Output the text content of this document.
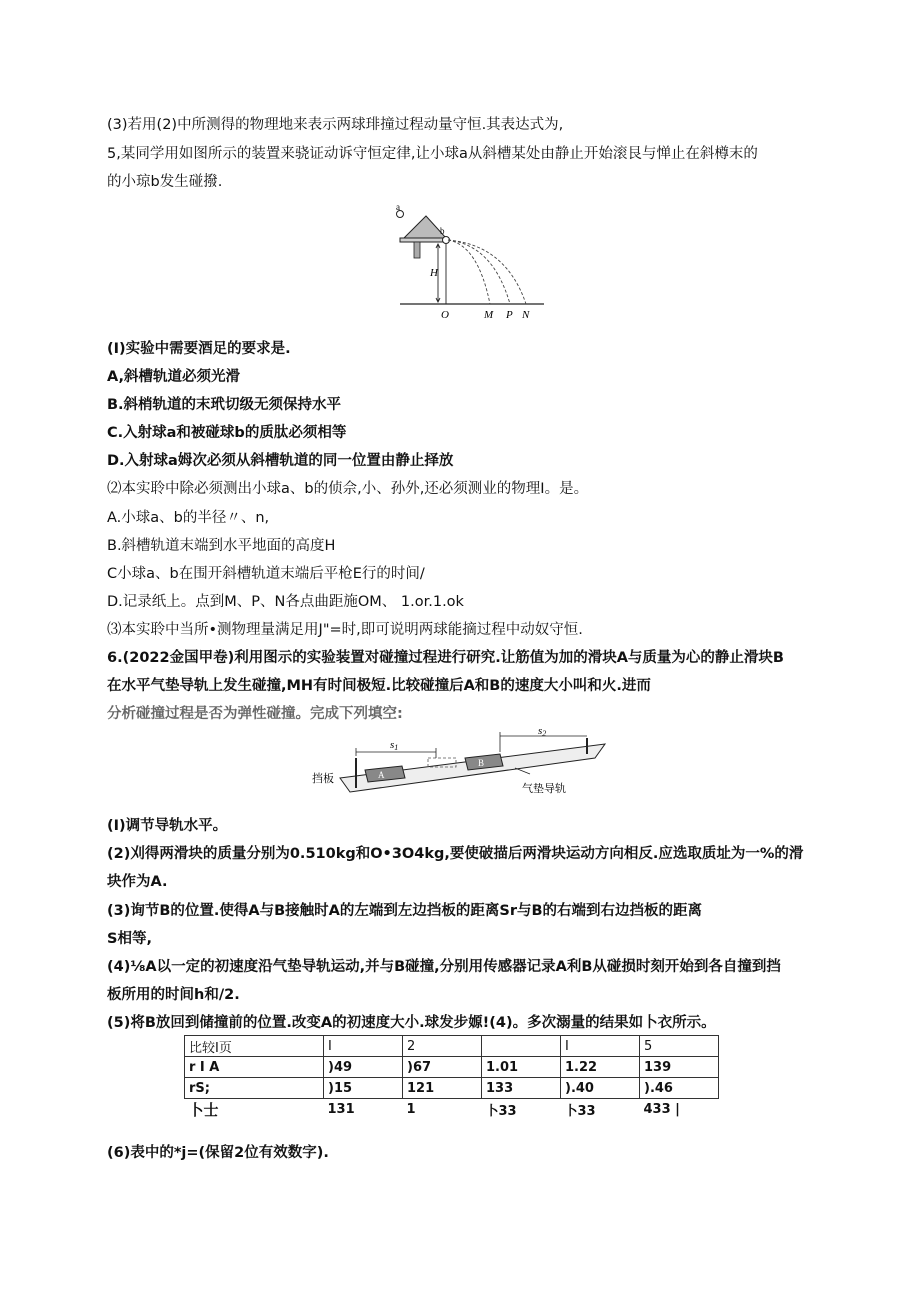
(3)若用(2)中所测得的物理地来表示两球琲撞过程动量守恒.其表达式为,
5,某同学用如图所示的装置来骁证动诉守恒定律,让小球a从斜槽某处由静止开始滚艮与惮止在斜樽末的
的小琼b发生碰撥.
a
b
H
O	M P N
(I)实验中需要酒足的要求是.
A,斜槽轨道必须光滑
B.斜梢轨道的末玳切级无须保持水平
C.入射球a和被碰球b的质肽必须相等
D.入射球a姆次必须从斜槽轨道的同一位置由静止择放
⑵本实聆中除必须测出小球a、b的侦佘,小、孙外,还必须测业的物理I。是。
A.小球a、b的半径〃、n,
B.斜槽轨道末端到水平地面的高度H
C小球a、b在围开斜槽轨道末端后平枪E行的时间/
D.记录纸上。点到M、P、N各点曲距施OM、 1.or.1.ok
⑶本实聆中当所•测物理量满足用J"=时,即可说明两球能摘过程中动奴守恒.
6.(2022金国甲卷)利用图示的实验装置对碰撞过程进行研究.让筋值为加的滑块A与质量为心的静止滑块B
在水平气垫导轨上发生碰撞,MH有时间极短.比较碰撞后A和B的速度大小叫和火.进而
分析碰撞过程是否为弹性碰撞。完成下列填空:
A
B
s1
s2
挡板
气垫导轨
(I)调节导轨水平。
(2)刈得两滑块的质量分别为0.510kg和O•3O4kg,要使破描后两滑块运动方向相反.应选取质址为一%的滑
块作为A.
(3)询节B的位置.使得A与B接触时A的左端到左边挡板的距离Sr与B的右端到右边挡板的距离
S相等,
(4)⅛A以一定的初速度沿气垫导轨运动,并与B碰撞,分别用传感器记录A利B从碰损时刻开始到各自撞到挡
板所用的时间h和/2.
(5)将B放回到储撞前的位置.改变A的初速度大小.球发步嫄!(4)。多次溺量的结果如卜衣所示。
比较I页	I	2		I	5
r I A	)49	)67	1.01	1.22	139
rS;	)15	121	133	).40	).46
卜士	131	1	卜33	卜33	433 |
(6)表中的*j=(保留2位有效数字).
